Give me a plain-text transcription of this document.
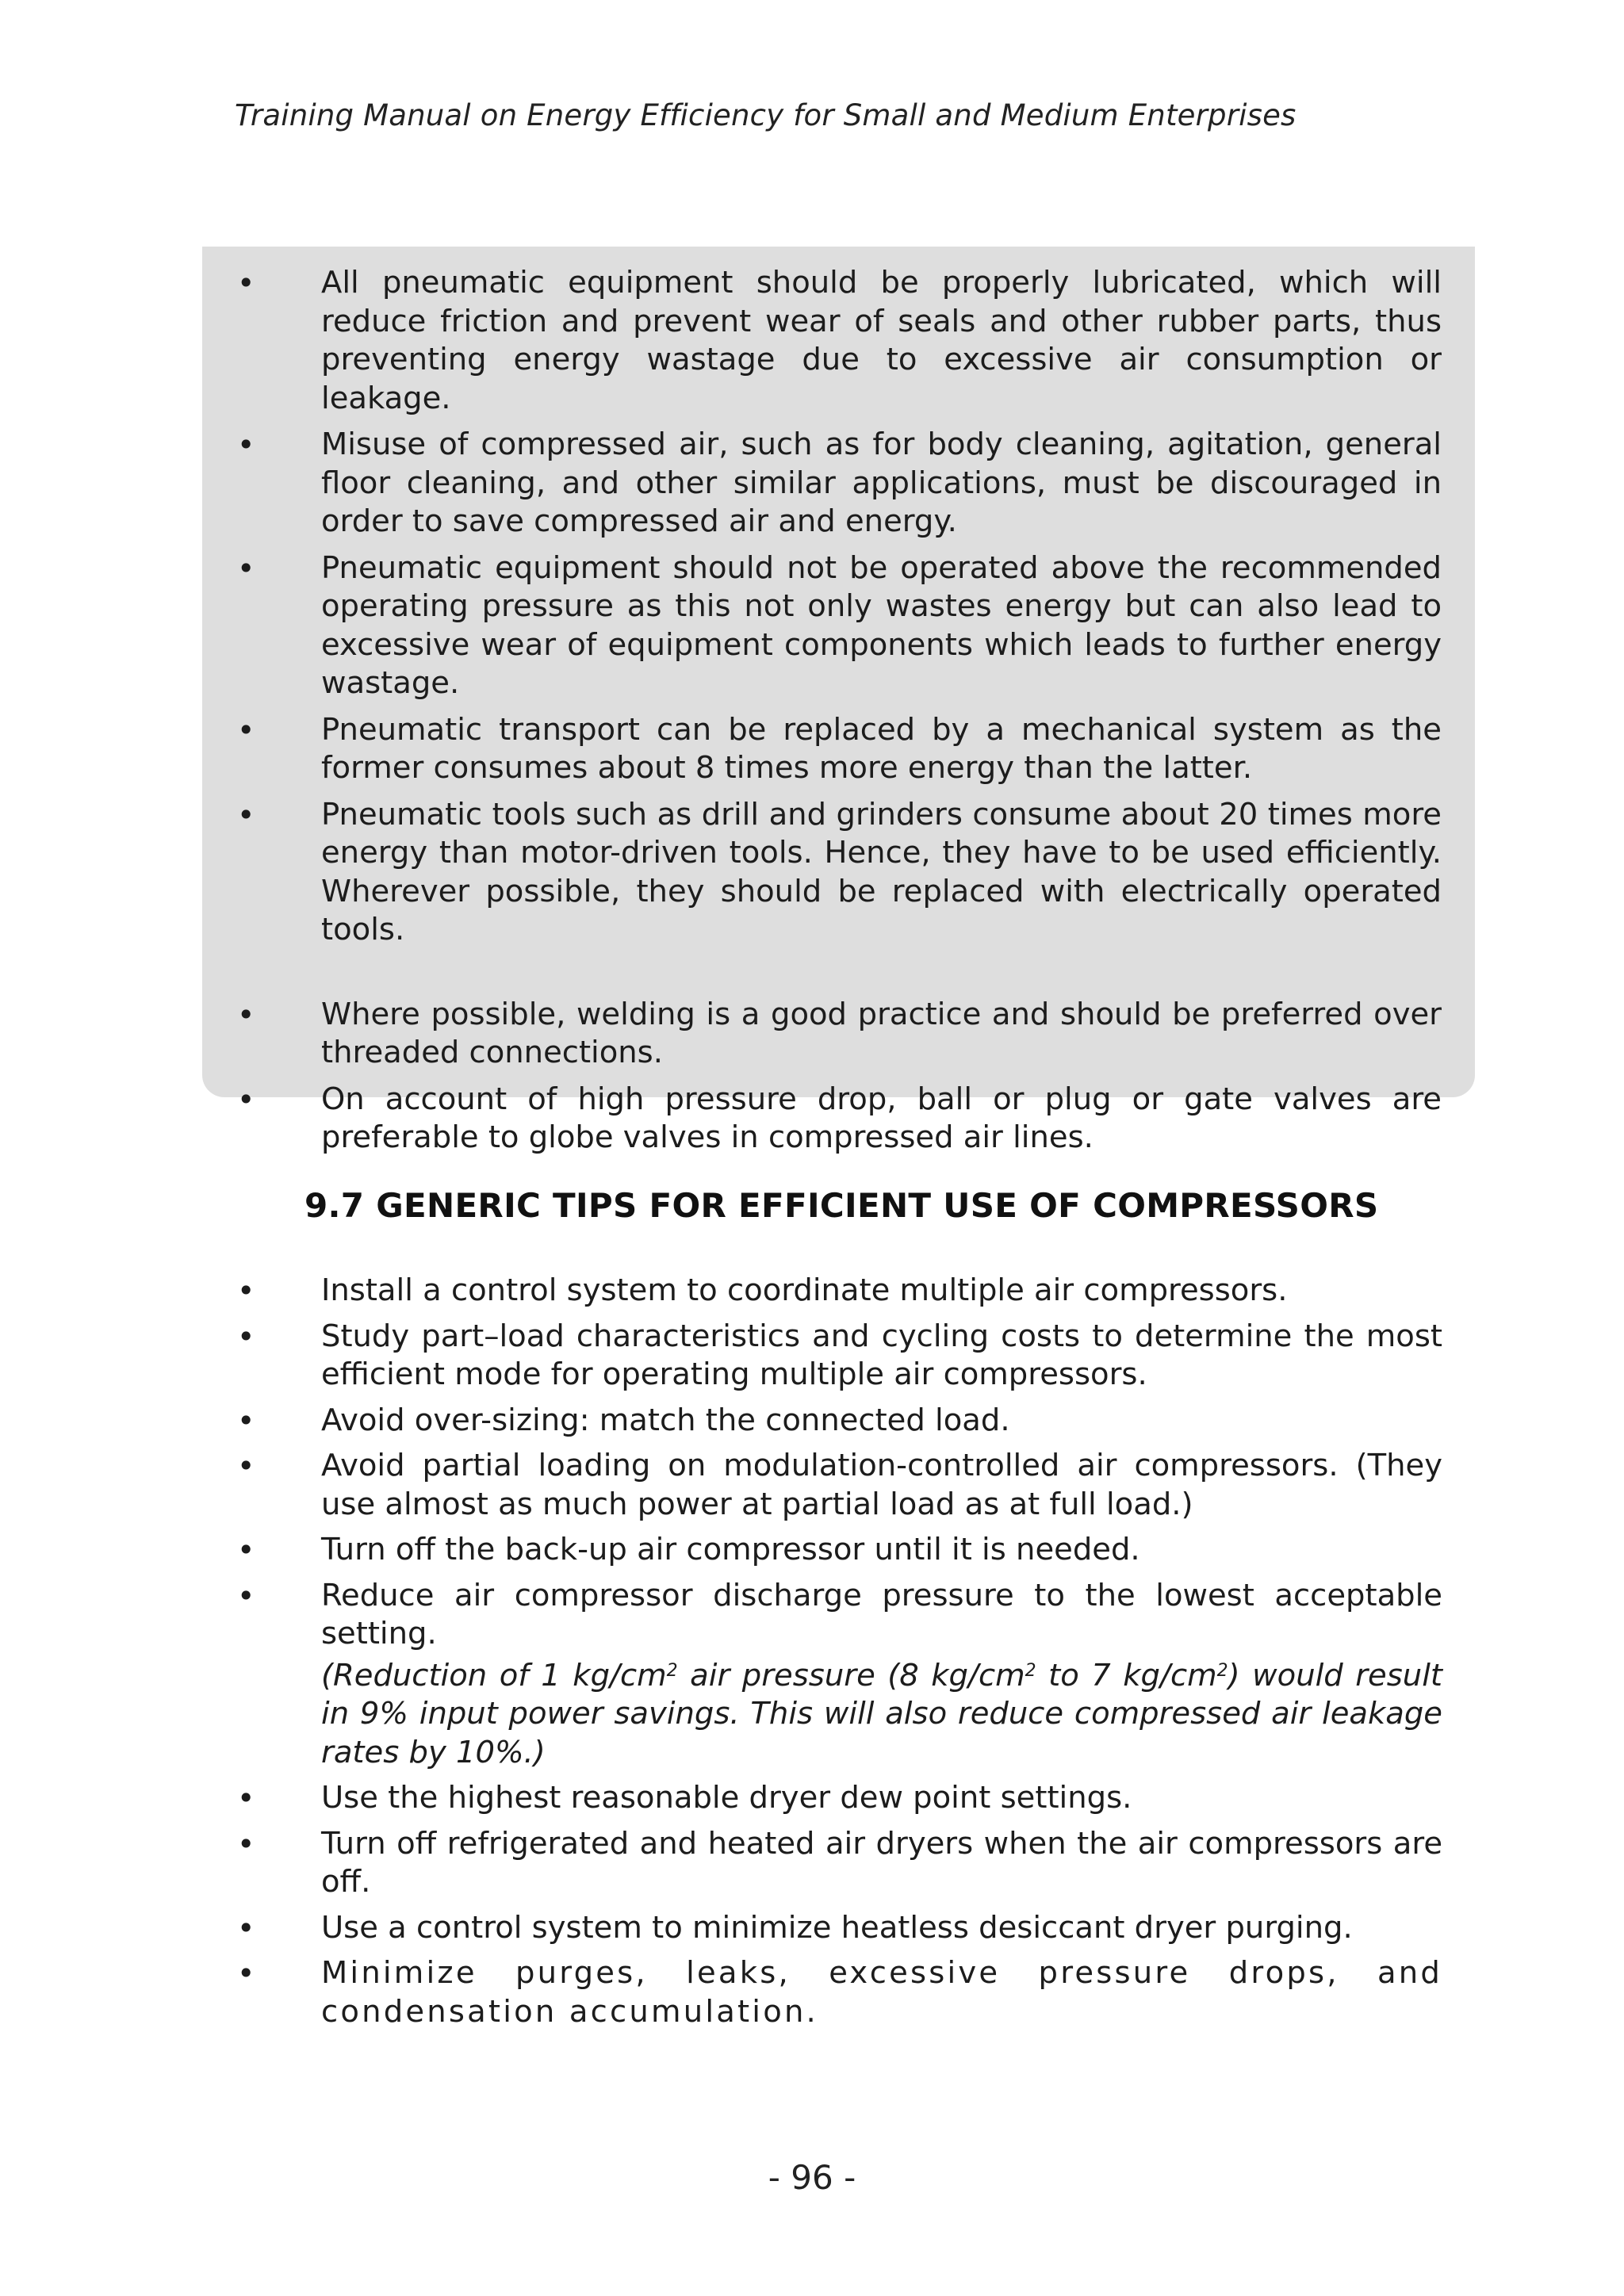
Training Manual on Energy Efficiency for Small and Medium Enterprises
•	All pneumatic equipment should be properly lubricated, which will reduce friction and prevent wear of seals and other rubber parts, thus preventing energy wastage due to excessive air consumption or leakage.
•	Misuse of compressed air, such as for body cleaning, agitation, general floor cleaning, and other similar applications, must be discouraged in order to save compressed air and energy.
•	Pneumatic equipment should not be operated above the recommended operating pressure as this not only wastes energy but can also lead to excessive wear of equipment components which leads to further energy wastage.
•	Pneumatic transport can be replaced by a mechanical system as the former consumes about 8 times more energy than the latter.
•	Pneumatic tools such as drill and grinders consume about 20 times more energy than motor-driven tools. Hence, they have to be used efficiently. Wherever possible, they should be replaced with electrically operated tools.
•	Where possible, welding is a good practice and should be preferred over threaded connections.
•	On account of high pressure drop, ball or plug or gate valves are preferable to globe valves in compressed air lines.
9.7 GENERIC TIPS FOR EFFICIENT USE OF COMPRESSORS
•	Install a control system to coordinate multiple air compressors.
•	Study part–load characteristics and cycling costs to determine the most efficient mode for operating multiple air compressors.
•	Avoid over-sizing: match the connected load.
•	Avoid partial loading on modulation-controlled air compressors. (They use almost as much power at partial load as at full load.)
•	Turn off the back-up air compressor until it is needed.
•	Reduce air compressor discharge pressure to the lowest acceptable setting.
(Reduction of 1 $kg/cm^2$ air pressure (8 $kg/cm^2$ to 7 $kg/cm^2$) would result in 9% input power savings. This will also reduce compressed air leakage rates by 10%.)
•	Use the highest reasonable dryer dew point settings.
•	Turn off refrigerated and heated air dryers when the air compressors are off.
•	Use a control system to minimize heatless desiccant dryer purging.
•	Minimize purges, leaks, excessive pressure drops, and condensation accumulation.
- 96 -
